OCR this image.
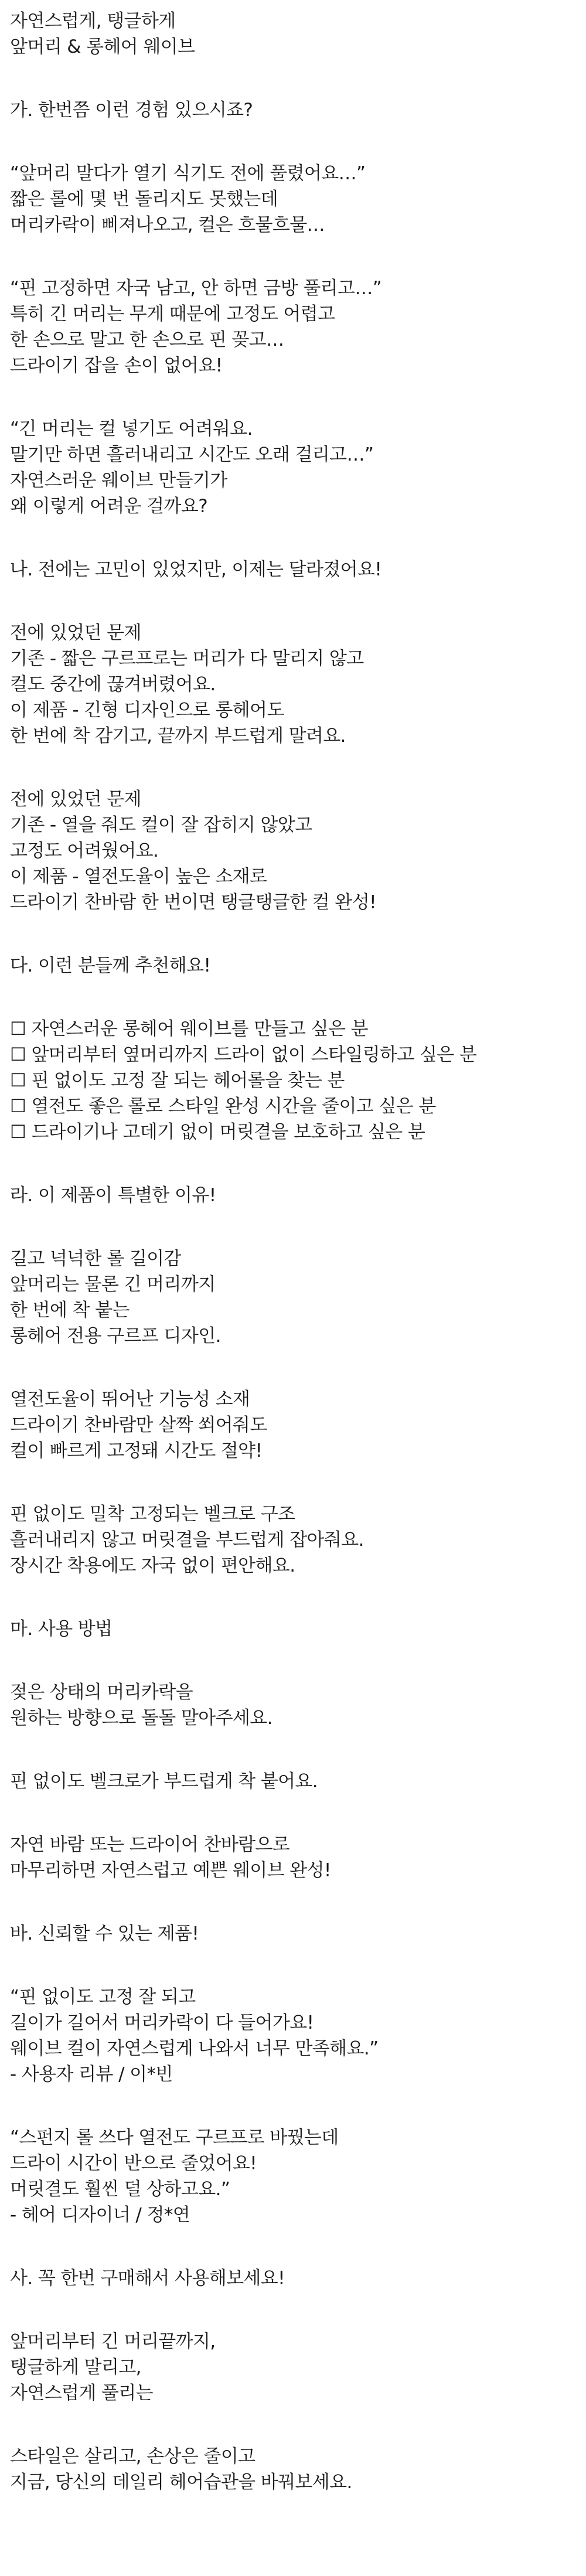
자연스럽게, 탱글하게
앞머리 & 롱헤어 웨이브
가. 한번쯤 이런 경험 있으시죠?
“앞머리 말다가 열기 식기도 전에 풀렸어요…”
짧은 롤에 몇 번 돌리지도 못했는데
머리카락이 삐져나오고, 컬은 흐물흐물…
“핀 고정하면 자국 남고, 안 하면 금방 풀리고…”
특히 긴 머리는 무게 때문에 고정도 어렵고
한 손으로 말고 한 손으로 핀 꽂고…
드라이기 잡을 손이 없어요!
“긴 머리는 컬 넣기도 어려워요.
말기만 하면 흘러내리고 시간도 오래 걸리고…”
자연스러운 웨이브 만들기가
왜 이렇게 어려운 걸까요?
나. 전에는 고민이 있었지만, 이제는 달라졌어요!
전에 있었던 문제
기존 - 짧은 구르프로는 머리가 다 말리지 않고
컬도 중간에 끊겨버렸어요.
이 제품 - 긴형 디자인으로 롱헤어도
한 번에 착 감기고, 끝까지 부드럽게 말려요.
전에 있었던 문제
기존 - 열을 줘도 컬이 잘 잡히지 않았고
고정도 어려웠어요.
이 제품 - 열전도율이 높은 소재로
드라이기 찬바람 한 번이면 탱글탱글한 컬 완성!
다. 이런 분들께 추천해요!
☐ 자연스러운 롱헤어 웨이브를 만들고 싶은 분
☐ 앞머리부터 옆머리까지 드라이 없이 스타일링하고 싶은 분
☐ 핀 없이도 고정 잘 되는 헤어롤을 찾는 분
☐ 열전도 좋은 롤로 스타일 완성 시간을 줄이고 싶은 분
☐ 드라이기나 고데기 없이 머릿결을 보호하고 싶은 분
라. 이 제품이 특별한 이유!
길고 넉넉한 롤 길이감
앞머리는 물론 긴 머리까지
한 번에 착 붙는
롱헤어 전용 구르프 디자인.
열전도율이 뛰어난 기능성 소재
드라이기 찬바람만 살짝 쐬어줘도
컬이 빠르게 고정돼 시간도 절약!
핀 없이도 밀착 고정되는 벨크로 구조
흘러내리지 않고 머릿결을 부드럽게 잡아줘요.
장시간 착용에도 자국 없이 편안해요.
마. 사용 방법
젖은 상태의 머리카락을
원하는 방향으로 돌돌 말아주세요.
핀 없이도 벨크로가 부드럽게 착 붙어요.
자연 바람 또는 드라이어 찬바람으로
마무리하면 자연스럽고 예쁜 웨이브 완성!
바. 신뢰할 수 있는 제품!
“핀 없이도 고정 잘 되고
길이가 길어서 머리카락이 다 들어가요!
웨이브 컬이 자연스럽게 나와서 너무 만족해요.”
- 사용자 리뷰 / 이*빈
“스펀지 롤 쓰다 열전도 구르프로 바꿨는데
드라이 시간이 반으로 줄었어요!
머릿결도 훨씬 덜 상하고요.”
- 헤어 디자이너 / 정*연
사. 꼭 한번 구매해서 사용해보세요!
앞머리부터 긴 머리끝까지,
탱글하게 말리고,
자연스럽게 풀리는
스타일은 살리고, 손상은 줄이고
지금, 당신의 데일리 헤어습관을 바꿔보세요.
